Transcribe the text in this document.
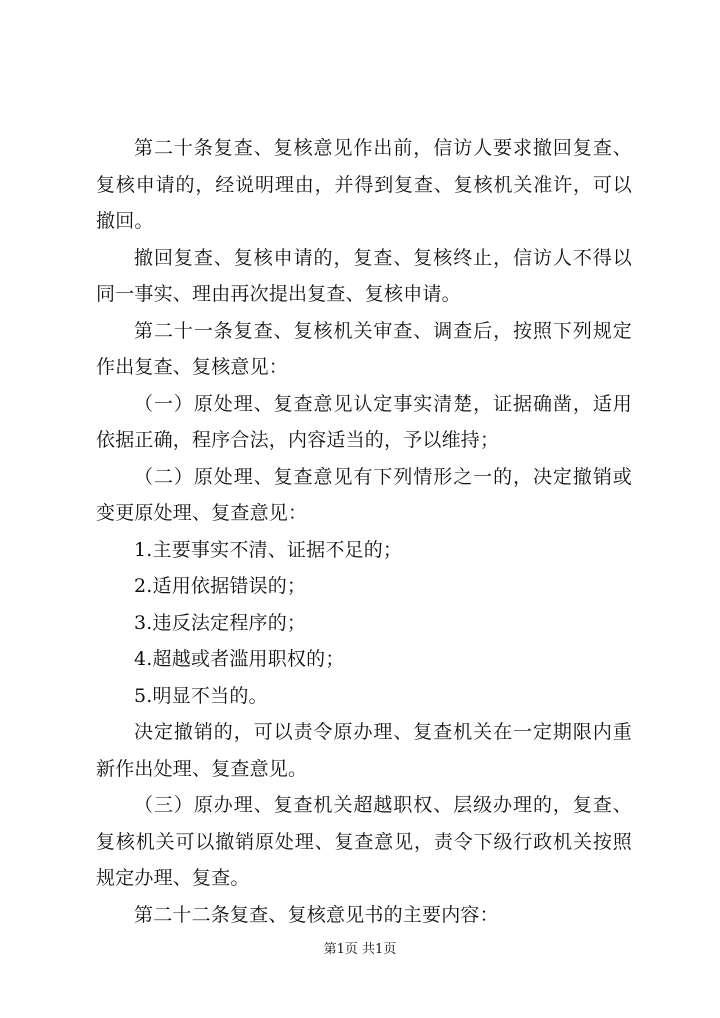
第二十条复查、复核意见作出前，信访人要求撤回复查、复核申请的，经说明理由，并得到复查、复核机关准许，可以撤回。

撤回复查、复核申请的，复查、复核终止，信访人不得以同一事实、理由再次提出复查、复核申请。

第二十一条复查、复核机关审查、调查后，按照下列规定作出复查、复核意见：

（一）原处理、复查意见认定事实清楚，证据确凿，适用依据正确，程序合法，内容适当的，予以维持；

（二）原处理、复查意见有下列情形之一的，决定撤销或变更原处理、复查意见：

1.主要事实不清、证据不足的；

2.适用依据错误的；

3.违反法定程序的；

4.超越或者滥用职权的；

5.明显不当的。

决定撤销的，可以责令原办理、复查机关在一定期限内重新作出处理、复查意见。

（三）原办理、复查机关超越职权、层级办理的，复查、复核机关可以撤销原处理、复查意见，责令下级行政机关按照规定办理、复查。

第二十二条复查、复核意见书的主要内容：

第1页 共1页
